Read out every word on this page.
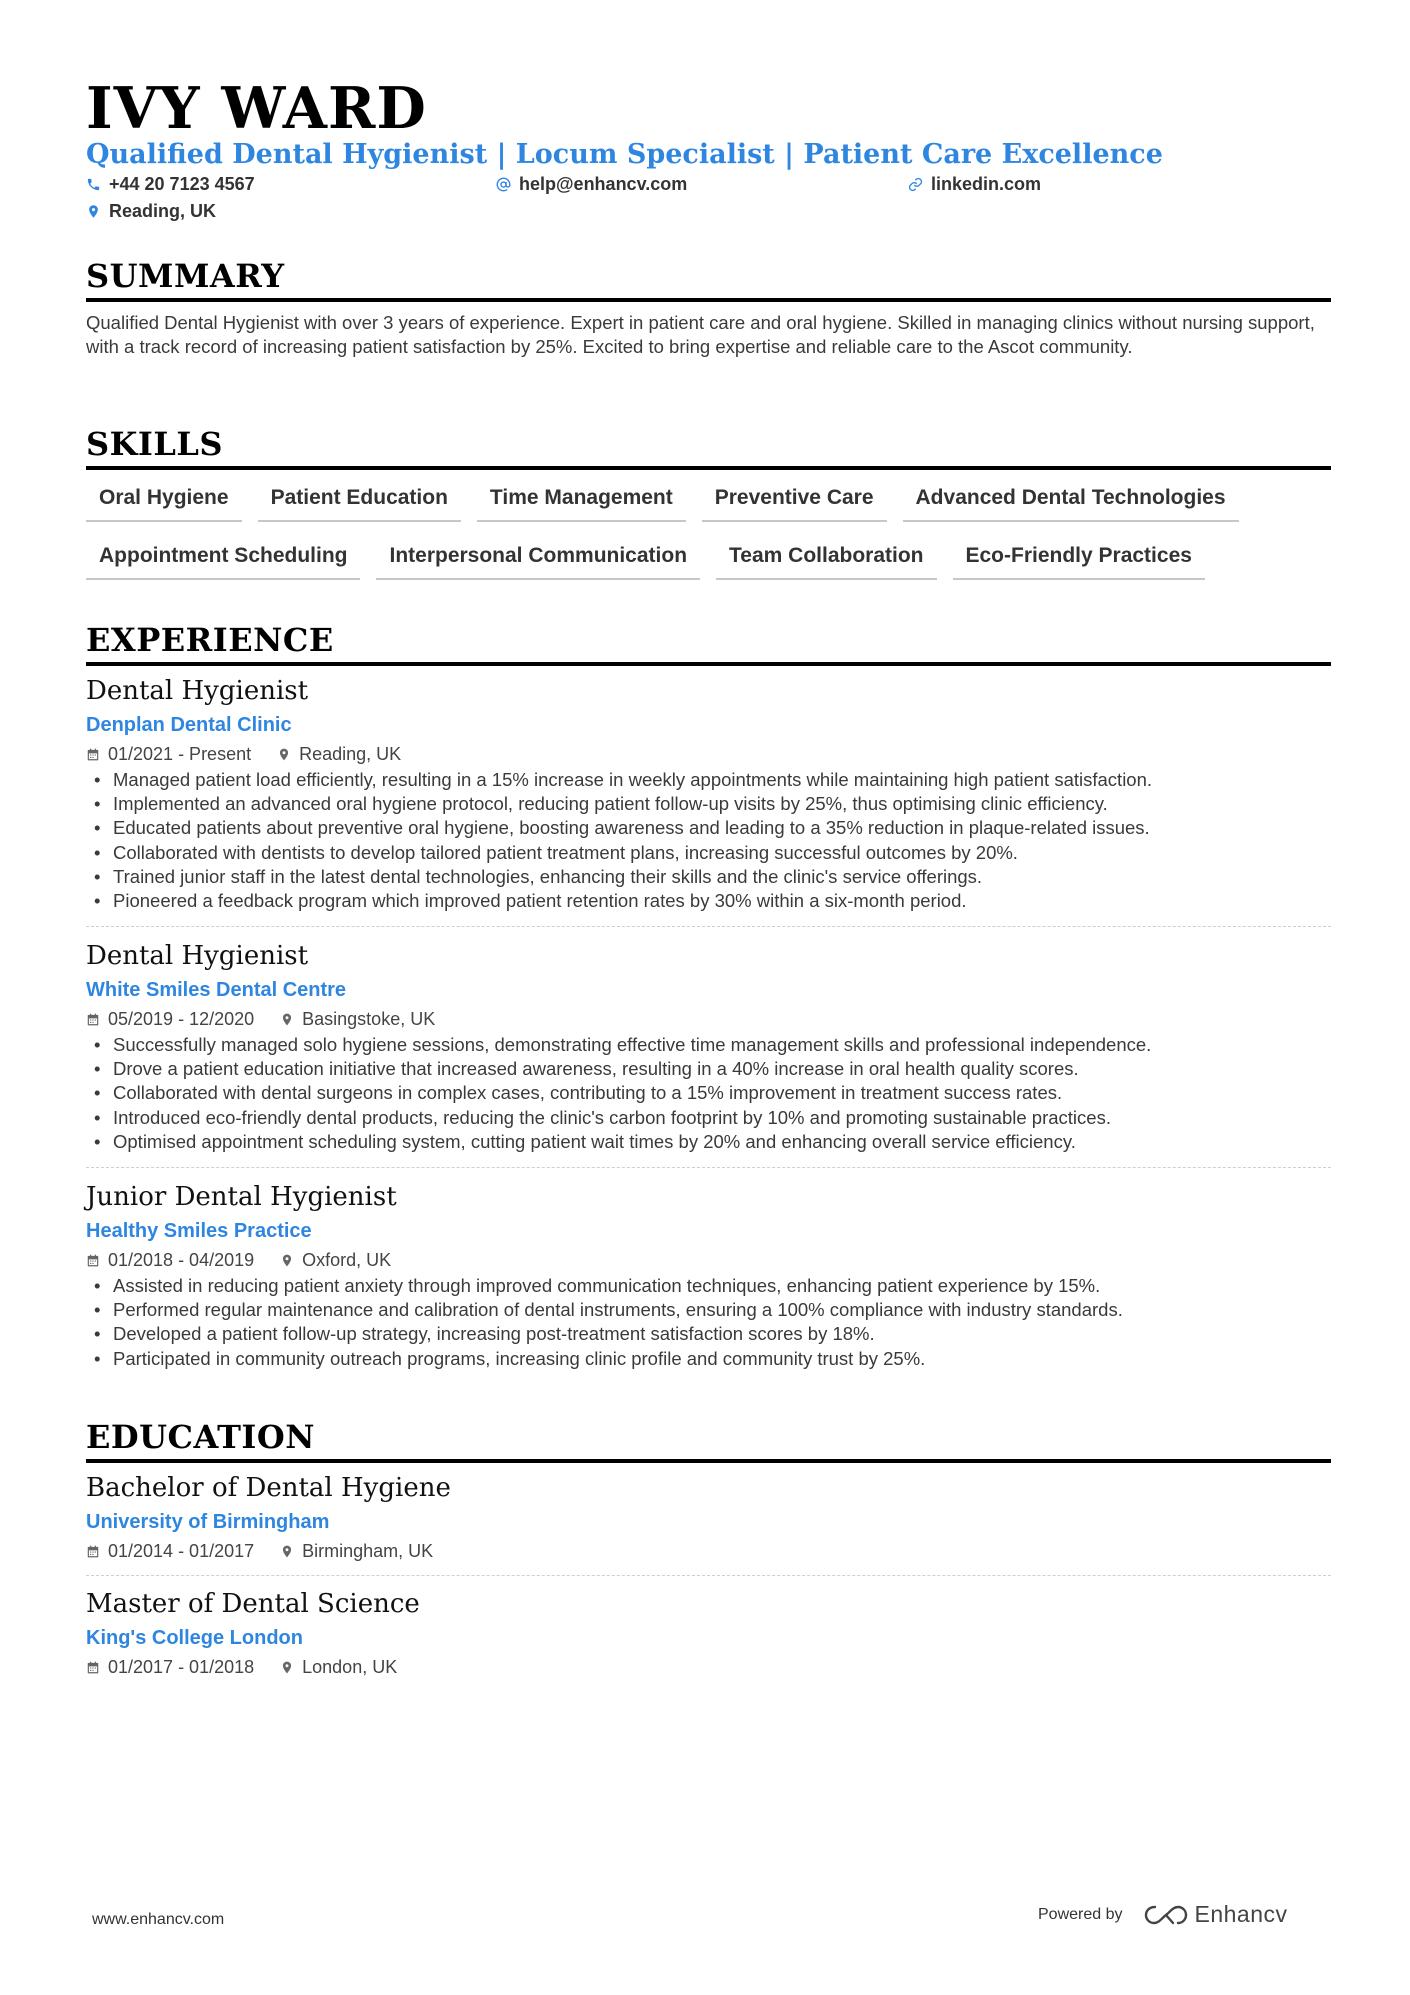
IVY WARD
Qualified Dental Hygienist | Locum Specialist | Patient Care Excellence
+44 20 7123 4567	help@enhancv.com	linkedin.com
Reading, UK
SUMMARY
Qualified Dental Hygienist with over 3 years of experience. Expert in patient care and oral hygiene. Skilled in managing clinics without nursing support, with a track record of increasing patient satisfaction by 25%. Excited to bring expertise and reliable care to the Ascot community.
SKILLS
Oral Hygiene	Patient Education	Time Management	Preventive Care	Advanced Dental Technologies
Appointment Scheduling	Interpersonal Communication	Team Collaboration	Eco-Friendly Practices
EXPERIENCE
Dental Hygienist
Denplan Dental Clinic
01/2021 - Present	Reading, UK
• Managed patient load efficiently, resulting in a 15% increase in weekly appointments while maintaining high patient satisfaction.
• Implemented an advanced oral hygiene protocol, reducing patient follow-up visits by 25%, thus optimising clinic efficiency.
• Educated patients about preventive oral hygiene, boosting awareness and leading to a 35% reduction in plaque-related issues.
• Collaborated with dentists to develop tailored patient treatment plans, increasing successful outcomes by 20%.
• Trained junior staff in the latest dental technologies, enhancing their skills and the clinic's service offerings.
• Pioneered a feedback program which improved patient retention rates by 30% within a six-month period.
Dental Hygienist
White Smiles Dental Centre
05/2019 - 12/2020	Basingstoke, UK
• Successfully managed solo hygiene sessions, demonstrating effective time management skills and professional independence.
• Drove a patient education initiative that increased awareness, resulting in a 40% increase in oral health quality scores.
• Collaborated with dental surgeons in complex cases, contributing to a 15% improvement in treatment success rates.
• Introduced eco-friendly dental products, reducing the clinic's carbon footprint by 10% and promoting sustainable practices.
• Optimised appointment scheduling system, cutting patient wait times by 20% and enhancing overall service efficiency.
Junior Dental Hygienist
Healthy Smiles Practice
01/2018 - 04/2019	Oxford, UK
• Assisted in reducing patient anxiety through improved communication techniques, enhancing patient experience by 15%.
• Performed regular maintenance and calibration of dental instruments, ensuring a 100% compliance with industry standards.
• Developed a patient follow-up strategy, increasing post-treatment satisfaction scores by 18%.
• Participated in community outreach programs, increasing clinic profile and community trust by 25%.
EDUCATION
Bachelor of Dental Hygiene
University of Birmingham
01/2014 - 01/2017	Birmingham, UK
Master of Dental Science
King's College London
01/2017 - 01/2018	London, UK
www.enhancv.com	Powered by	Enhancv
